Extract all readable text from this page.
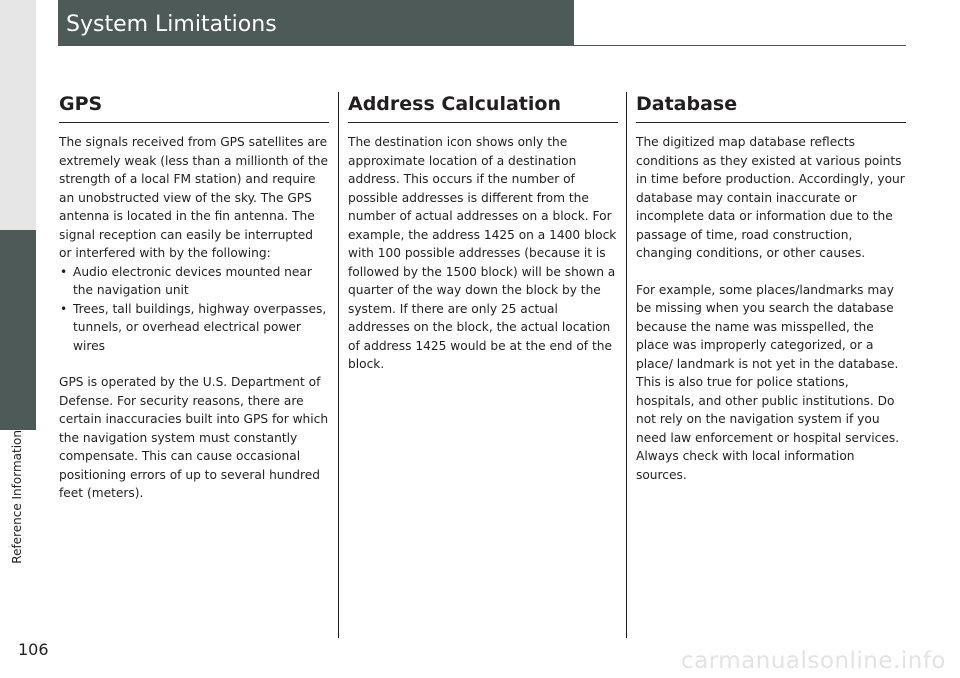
Reference Information
System Limitations
GPS

The signals received from GPS satellites are extremely weak (less than a millionth of the strength of a local FM station) and require an unobstructed view of the sky. The GPS antenna is located in the fin antenna. The signal reception can easily be interrupted or interfered with by the following:

• Audio electronic devices mounted near the navigation unit
• Trees, tall buildings, highway overpasses, tunnels, or overhead electrical power wires

GPS is operated by the U.S. Department of Defense. For security reasons, there are certain inaccuracies built into GPS for which the navigation system must constantly compensate. This can cause occasional positioning errors of up to several hundred feet (meters).

Address Calculation

The destination icon shows only the approximate location of a destination address. This occurs if the number of possible addresses is different from the number of actual addresses on a block. For example, the address 1425 on a 1400 block with 100 possible addresses (because it is followed by the 1500 block) will be shown a quarter of the way down the block by the system. If there are only 25 actual addresses on the block, the actual location of address 1425 would be at the end of the block.

Database

The digitized map database reflects conditions as they existed at various points in time before production. Accordingly, your database may contain inaccurate or incomplete data or information due to the passage of time, road construction, changing conditions, or other causes.

For example, some places/landmarks may be missing when you search the database because the name was misspelled, the place was improperly categorized, or a place/ landmark is not yet in the database. This is also true for police stations, hospitals, and other public institutions. Do not rely on the navigation system if you need law enforcement or hospital services. Always check with local information sources.

106	carmanualsonline.info
